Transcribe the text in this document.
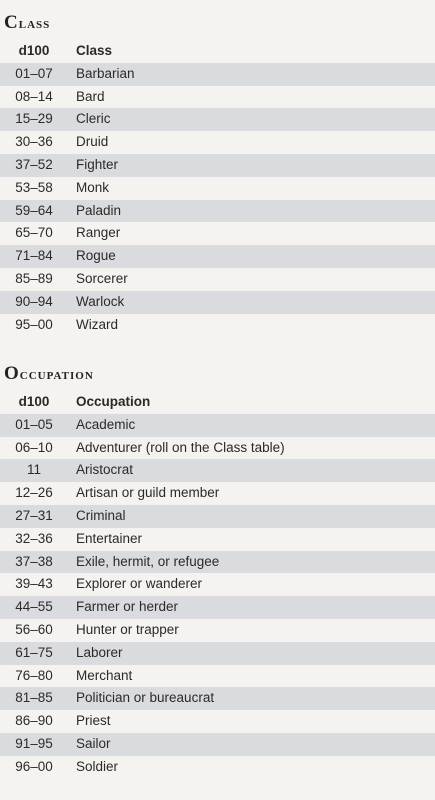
Class
d100	Class
01–07	Barbarian
08–14	Bard
15–29	Cleric
30–36	Druid
37–52	Fighter
53–58	Monk
59–64	Paladin
65–70	Ranger
71–84	Rogue
85–89	Sorcerer
90–94	Warlock
95–00	Wizard
Occupation
d100	Occupation
01–05	Academic
06–10	Adventurer (roll on the Class table)
11	Aristocrat
12–26	Artisan or guild member
27–31	Criminal
32–36	Entertainer
37–38	Exile, hermit, or refugee
39–43	Explorer or wanderer
44–55	Farmer or herder
56–60	Hunter or trapper
61–75	Laborer
76–80	Merchant
81–85	Politician or bureaucrat
86–90	Priest
91–95	Sailor
96–00	Soldier
